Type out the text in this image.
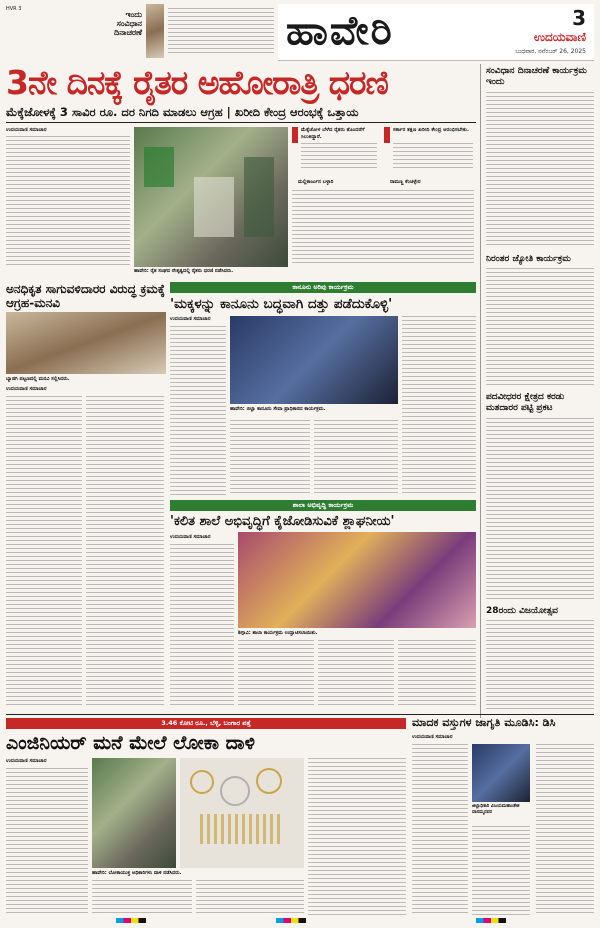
HVR 3
ಇಂದು
ಸಂವಿಧಾನ
ದಿನಾಚರಣೆ	ಹಾವೇರಿ	3
ಉದಯವಾಣಿ
ಬುಧವಾರ, ನವೆಂಬರ್ 26, 2025
3ನೇ ದಿನಕ್ಕೆ ರೈತರ ಅಹೋರಾತ್ರಿ ಧರಣಿ
ಮೆಕ್ಕೆಜೋಳಕ್ಕೆ 3 ಸಾವಿರ ರೂ. ದರ ನಿಗದಿ ಮಾಡಲು ಆಗ್ರಹ | ಖರೀದಿ ಕೇಂದ್ರ ಆರಂಭಕ್ಕೆ ಒತ್ತಾಯ
ಉದಯವಾಣಿ ಸಮಾಚಾರ
ಹಾವೇರಿ: ರೈತ ಸಂಘದ ನೇತೃತ್ವದಲ್ಲಿ ರೈತರು ಧರಣಿ ನಡೆಸಿದರು.
ಮೆಕ್ಕೆಜೋಳ ಬೆಳೆದ ರೈತರು ತೊಂದರೆಗೆ ಸಿಲುಕಿದ್ದಾರೆ.
ಮಲ್ಲಿಕಾರ್ಜುನ ಬಳ್ಳಾರಿ
ಸರ್ಕಾರ ತಕ್ಷಣ ಖರೀದಿ ಕೇಂದ್ರ ಆರಂಭಿಸಬೇಕು.
ರಾಮಣ್ಣ ಕೆಂಚಳ್ಳೇರ
ಅನಧಿಕೃತ ಸಾಗುವಳಿದಾರರ ವಿರುದ್ಧ ಕ್ರಮಕ್ಕೆ ಆಗ್ರಹ-ಮನವಿ
ಬ್ಯಾಡಗಿ ಪಟ್ಟಣದಲ್ಲಿ ಮನವಿ ಸಲ್ಲಿಸಿದರು.
ಉದಯವಾಣಿ ಸಮಾಚಾರ
ಕಾನೂನು ಅರಿವು ಕಾರ್ಯಕ್ರಮ
'ಮಕ್ಕಳನ್ನು ಕಾನೂನು ಬದ್ಧವಾಗಿ ದತ್ತು ಪಡೆದುಕೊಳ್ಳಿ'
ಉದಯವಾಣಿ ಸಮಾಚಾರ
ಹಾವೇರಿ: ಜಿಲ್ಲಾ ಕಾನೂನು ಸೇವಾ ಪ್ರಾಧಿಕಾರದ ಕಾರ್ಯಕ್ರಮ.
ಶಾಲಾ ಅಭಿವೃದ್ಧಿ ಕಾರ್ಯಕ್ರಮ
'ಕಲಿತ ಶಾಲೆ ಅಭಿವೃದ್ಧಿಗೆ ಕೈಜೋಡಿಸುವಿಕೆ ಶ್ಲಾಘನೀಯ'
ಉದಯವಾಣಿ ಸಮಾಚಾರ
ಶಿಗ್ಗಾವಿ: ಶಾಲಾ ಕಾರ್ಯಕ್ರಮ ಉದ್ಘಾಟಿಸಲಾಯಿತು.
ಸಂವಿಧಾನ ದಿನಾಚರಣೆ ಕಾರ್ಯಕ್ರಮ ಇಂದು
ನಿರಂತರ ಜ್ಯೋತಿ ಕಾರ್ಯಕ್ರಮ
ಪದವೀಧರರ ಕ್ಷೇತ್ರದ ಕರಡು ಮತದಾರರ ಪಟ್ಟಿ ಪ್ರಕಟ
28ರಂದು ವಿಜಯೋತ್ಸವ
3.46 ಕೋಟಿ ರೂ., ಬೆಳ್ಳಿ, ಬಂಗಾರ ಪತ್ತೆ
ಎಂಜಿನಿಯರ್ ಮನೆ ಮೇಲೆ ಲೋಕಾ ದಾಳಿ
ಉದಯವಾಣಿ ಸಮಾಚಾರ
ಹಾವೇರಿ: ಲೋಕಾಯುಕ್ತ ಅಧಿಕಾರಿಗಳು ದಾಳಿ ನಡೆಸಿದರು.
ಮಾದಕ ವಸ್ತುಗಳ ಜಾಗೃತಿ ಮೂಡಿಸಿ: ಡಿಸಿ
ಉದಯವಾಣಿ ಸಮಾಚಾರ
ಜಿಲ್ಲಾಧಿಕಾರಿ ವಿಜಯಮಹಾಂತೇಶ ದಾನಮ್ಮನವರ
